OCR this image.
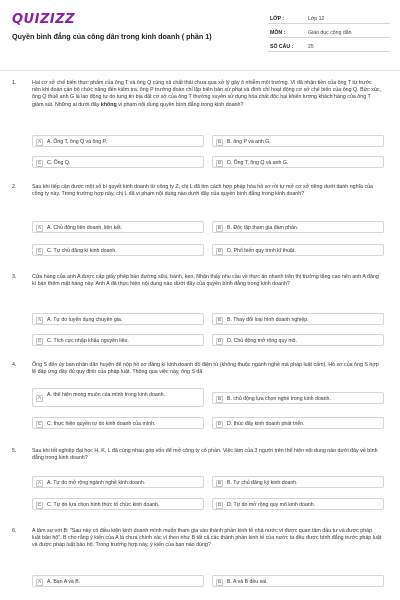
QUIZIZZ
Quyền bình đẳng của công dân trong kinh doanh ( phần 1)
LỚP :	Lớp 12
MÔN :	Giáo dục công dân
SỐ CÂU :	25
1.	Hai cơ sở chế biến thực phẩm của ông T và ông Q cùng xả chất thải chưa qua xử lý gây ô nhiễm môi trường. Vì đã nhận tiền của ông T từ trước nên khi đoàn cán bộ chức năng đến kiểm tra, ông P trưởng đoàn chỉ lập biên bản xử phạt và đình chỉ hoạt động cơ sở chế biến của ông Q. Bức xúc, ông Q thuê anh G là lao động tự do tung tin bịa đặt cơ sở của ông T thường xuyên sử dụng hóa chất độc hại khiến lượng khách hàng của ông T giảm sút. Những ai dưới đây không vi phạm nội dung quyền bình đẳng trong kinh doanh?
A	A. Ông T, ông Q và ông P.	B	B. ông P và anh G.
C	C. Ông Q.	D	D. Ông T, ông Q và anh G.
2.	Sau khi tiếp cận được một số bí quyết kinh doanh từ công ty Z, chị L đã tìm cách hợp pháp hóa hồ sơ rồi tự mở cơ sở riêng dưới danh nghĩa của công ty này. Trong trường hợp này, chị L đã vi phạm nội dung nào dưới đây của quyền bình đẳng trong kinh doanh?
A	A. Chủ động liên doanh, liên kết.	B	B. Độc lập tham gia đàm phán.
C	C. Tự chủ đăng kí kinh doanh.	D	D. Phổ biến quy trình kĩ thuật.
3.	Cửa hàng của anh A được cấp giấy phép bán đường sữa, bánh, kẹo. Nhận thấy nhu cầu về thực ăn nhanh trên thị trường tăng cao nên anh A đăng kí bán thêm mặt hàng này. Anh A đã thực hiện nội dung nào dưới đây của quyền bình đẳng trong kinh doanh?
A	A. Tự do tuyển dụng chuyên gia.	B	B. Thay đổi loại hình doanh nghiệp.
C	C. Tích cực nhập khẩu nguyên liệu.	D	D. Chủ động mở rộng quy mô.
4.	Ông S đến ủy ban nhân dân huyện để nộp hồ sơ đăng kí kinh doanh đồ điện tử (không thuộc ngành nghề mà pháp luật cấm). Hồ sơ của ông S hợp lệ đáp ứng đầy đủ quy định của pháp luật. Thông qua việc này, ông S đã
A
A. thể hiện mong muốn của mình trong kinh doanh.
B	B. chủ động lựa chọn nghề trong kinh doanh.
C	C. thực hiện quyền tự do kinh doanh của mình.	D	D. thúc đẩy kinh doanh phát triển.
5.	Sau khi tốt nghiệp đại học H, K, L đã cùng nhau góp vốn để mở công ty cổ phần. Việc làm của 3 người trên thể hiện nội dung nào dưới đây về bình đẳng trong kinh doanh?
A	A. Tự do mở rộng ngành nghề kinh doanh.	B	B. Tự chủ đăng ký kinh doanh.
C	C. Tự do lựa chọn hình thức tổ chức kinh doanh.	D	D. Tự do mở rộng quy mô kinh doanh.
6.	A tâm sự với B: "Sau này có điều kiện kinh doanh mình muốn tham gia vào thành phần kinh tế nhà nước vì được quan tâm đầu tư và được pháp luật bảo hộ". B cho rằng ý kiến của A là chưa chính xác vì theo như B tất cả các thành phần kinh tế của nước ta đều được bình đẳng trước pháp luật và được pháp luật bảo hộ. Trong trường hợp này, ý kiến của bạn nào đúng?
A	A. Bạn A và B.	B	B. A và B đều sai.
